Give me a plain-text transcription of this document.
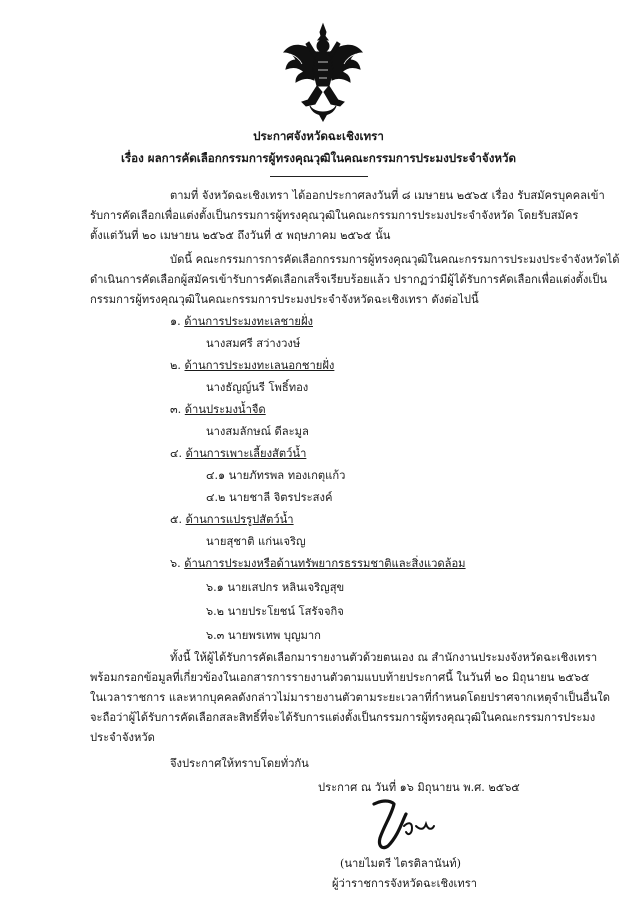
ประกาศจังหวัดฉะเชิงเทรา
เรื่อง ผลการคัดเลือกกรรมการผู้ทรงคุณวุฒิในคณะกรรมการประมงประจำจังหวัด
ตามที่ จังหวัดฉะเชิงเทรา ได้ออกประกาศลงวันที่ ๘ เมษายน ๒๕๖๕ เรื่อง รับสมัครบุคคลเข้า
รับการคัดเลือกเพื่อแต่งตั้งเป็นกรรมการผู้ทรงคุณวุฒิในคณะกรรมการประมงประจำจังหวัด โดยรับสมัคร
ตั้งแต่วันที่ ๒๐ เมษายน ๒๕๖๕ ถึงวันที่ ๕ พฤษภาคม ๒๕๖๕ นั้น
บัดนี้ คณะกรรมการการคัดเลือกกรรมการผู้ทรงคุณวุฒิในคณะกรรมการประมงประจำจังหวัดได้
ดำเนินการคัดเลือกผู้สมัครเข้ารับการคัดเลือกเสร็จเรียบร้อยแล้ว ปรากฏว่ามีผู้ได้รับการคัดเลือกเพื่อแต่งตั้งเป็น
กรรมการผู้ทรงคุณวุฒิในคณะกรรมการประมงประจำจังหวัดฉะเชิงเทรา ดังต่อไปนี้
๑. ด้านการประมงทะเลชายฝั่ง
นางสมศรี สว่างวงษ์
๒. ด้านการประมงทะเลนอกชายฝั่ง
นางธัญญ์นรี โพธิ์ทอง
๓. ด้านประมงน้ำจืด
นางสมลักษณ์ ดีละมูล
๔. ด้านการเพาะเลี้ยงสัตว์น้ำ
๔.๑ นายภัทรพล ทองเกตุแก้ว
๔.๒ นายชาลี จิตรประสงค์
๕. ด้านการแปรรูปสัตว์น้ำ
นายสุชาติ แก่นเจริญ
๖. ด้านการประมงหรือด้านทรัพยากรธรรมชาติและสิ่งแวดล้อม
๖.๑ นายเสปกร หลินเจริญสุข
๖.๒ นายประโยชน์ โสรัจจกิจ
๖.๓ นายพรเทพ บุญมาก
ทั้งนี้ ให้ผู้ได้รับการคัดเลือกมารายงานตัวด้วยตนเอง ณ สำนักงานประมงจังหวัดฉะเชิงเทรา
พร้อมกรอกข้อมูลที่เกี่ยวข้องในเอกสารการรายงานตัวตามแบบท้ายประกาศนี้ ในวันที่ ๒๐ มิถุนายน ๒๕๖๕
ในเวลาราชการ และหากบุคคลดังกล่าวไม่มารายงานตัวตามระยะเวลาที่กำหนดโดยปราศจากเหตุจำเป็นอื่นใด
จะถือว่าผู้ได้รับการคัดเลือกสละสิทธิ์ที่จะได้รับการแต่งตั้งเป็นกรรมการผู้ทรงคุณวุฒิในคณะกรรมการประมง
ประจำจังหวัด
จึงประกาศให้ทราบโดยทั่วกัน
ประกาศ ณ วันที่ ๑๖ มิถุนายน พ.ศ. ๒๕๖๕
(นายไมตรี ไตรติลานันท์)
ผู้ว่าราชการจังหวัดฉะเชิงเทรา
